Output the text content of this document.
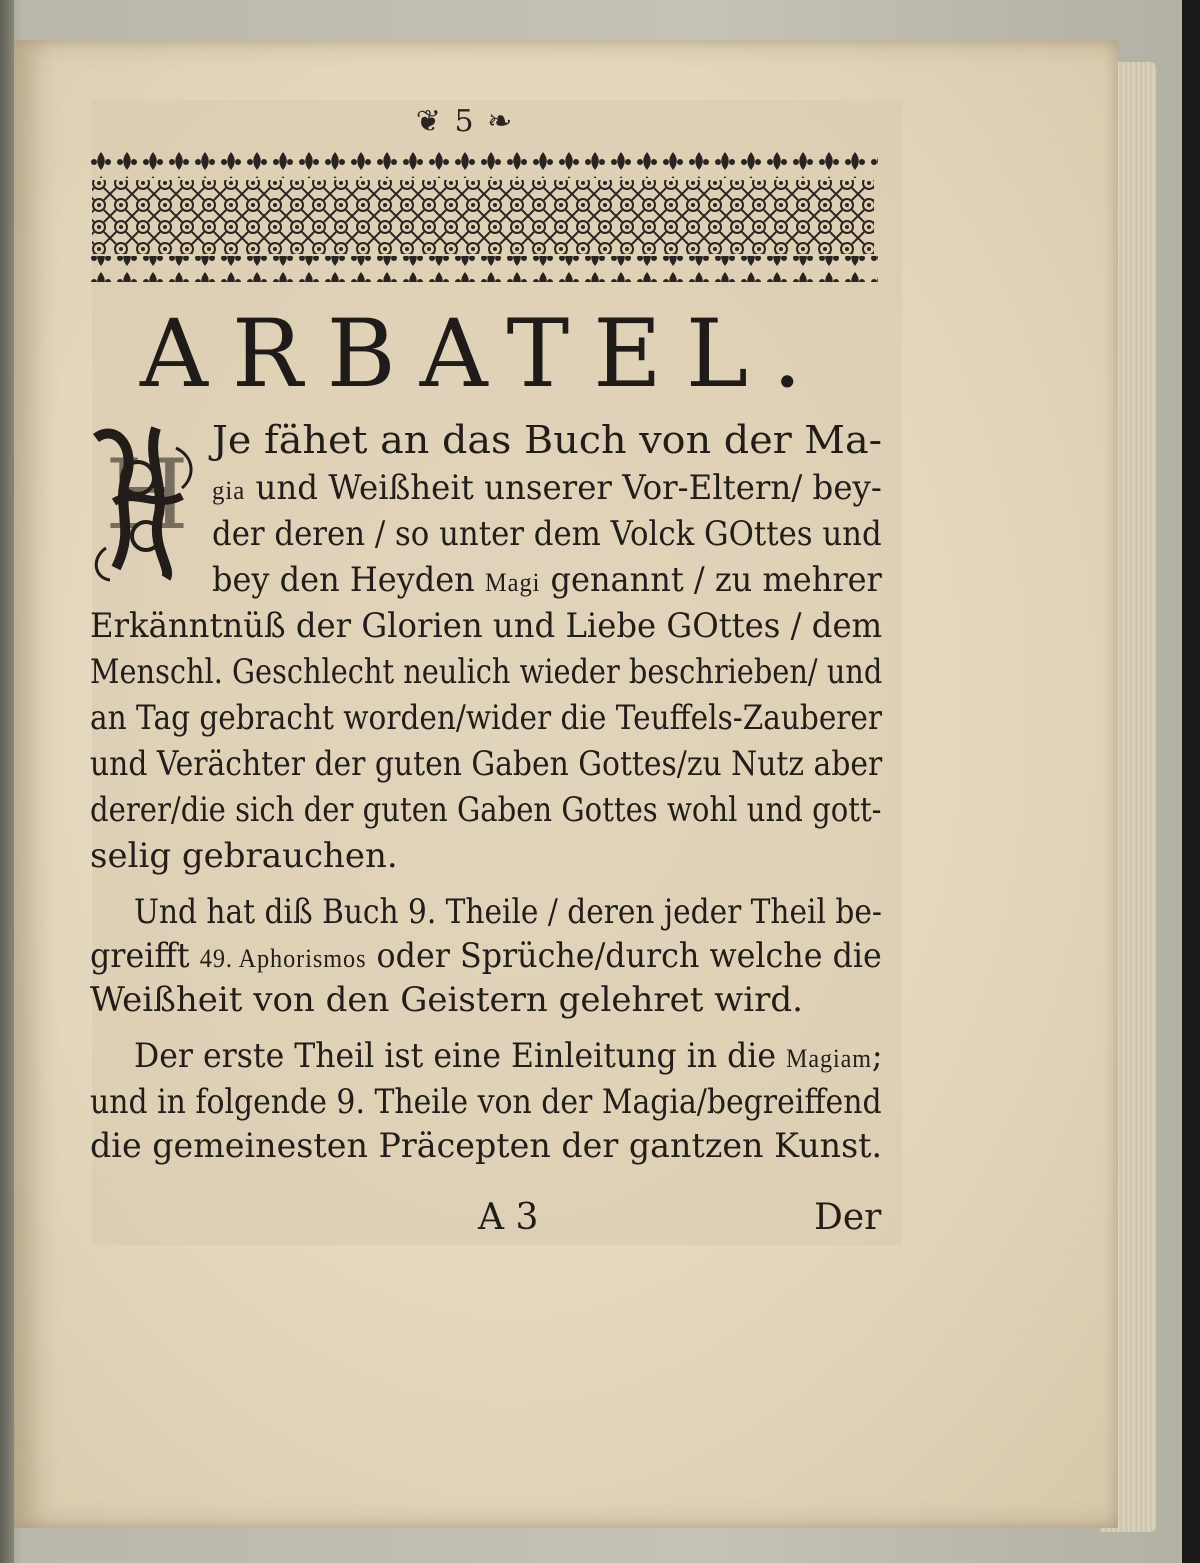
❦ 5 ❧
ARBATEL.
H Je fähet an das Buch von der Ma-

gia und Weißheit unserer Vor-Eltern/ bey-

der deren / so unter dem Volck GOttes und

bey den Heyden Magi genannt / zu mehrer

Erkänntnüß der Glorien und Liebe GOttes / dem

Menschl. Geschlecht neulich wieder beschrieben/ und

an Tag gebracht worden/wider die Teuffels-Zauberer

und Verächter der guten Gaben Gottes/zu Nutz aber

derer/die sich der guten Gaben Gottes wohl und gott-

selig gebrauchen.

Und hat diß Buch 9. Theile / deren jeder Theil be-

greifft 49. Aphorismos oder Sprüche/durch welche die

Weißheit von den Geistern gelehret wird.

Der erste Theil ist eine Einleitung in die Magiam;

und in folgende 9. Theile von der Magia/begreiffend

die gemeinesten Präcepten der gantzen Kunst.

A 3	Der
